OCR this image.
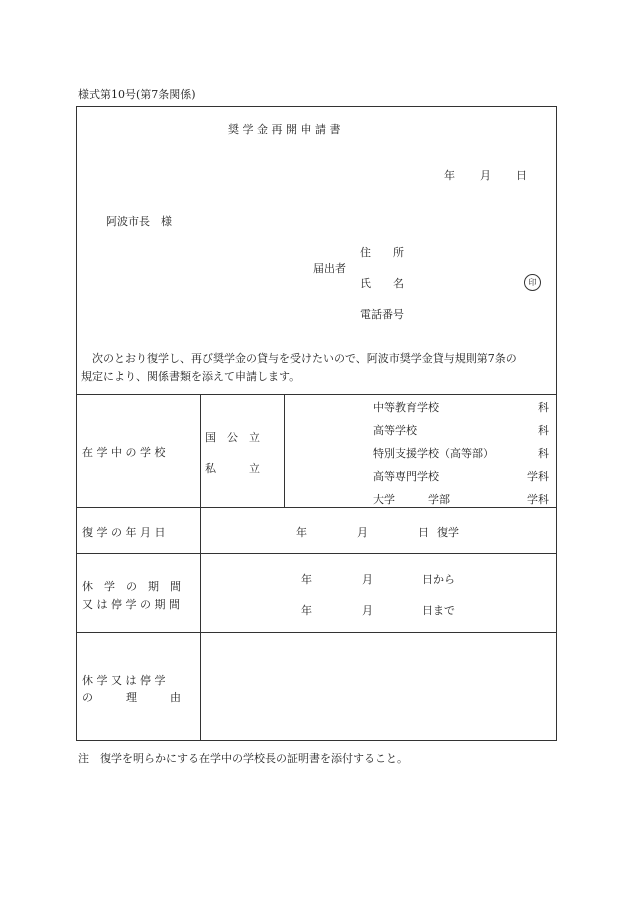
様式第10号(第7条関係)
奨 学 金 再 開 申 請 書
年 月 日
阿波市長　様
届出者
住　　所
氏　　名	印
電話番号
　次のとおり復学し、再び奨学金の貸与を受けたいので、阿波市奨学金貸与規則第7条の
規定により、関係書類を添えて申請します。
在 学 中 の 学 校
国　公　立
私　　　立
中等教育学校	科
高等学校	科
特別支援学校（高等部）	科
高等専門学校	学科
大学　　　学部	学科
復 学 の 年 月 日	年	月	日 復学
休　学　の　期　間
又 は 停 学 の 期 間
年	月	日から
年	月	日まで
休 学 又 は 停 学
の　　　理　　　由
注　復学を明らかにする在学中の学校長の証明書を添付すること。
